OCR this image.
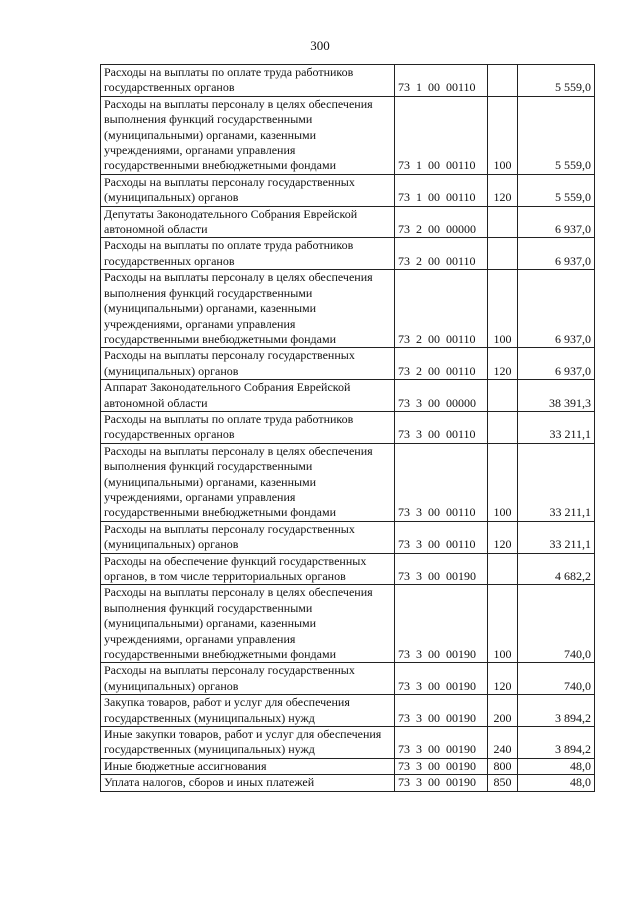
300
Расходы на выплаты по оплате труда работников государственных органов	73  1  00  00110		5 559,0
Расходы на выплаты персоналу в целях обеспечения выполнения функций государственными (муниципальными) органами, казенными учреждениями, органами управления государственными внебюджетными фондами	73  1  00  00110	100	5 559,0
Расходы на выплаты персоналу государственных (муниципальных) органов	73  1  00  00110	120	5 559,0
Депутаты Законодательного Собрания Еврейской автономной области	73  2  00  00000		6 937,0
Расходы на выплаты по оплате труда работников государственных органов	73  2  00  00110		6 937,0
Расходы на выплаты персоналу в целях обеспечения выполнения функций государственными (муниципальными) органами, казенными учреждениями, органами управления государственными внебюджетными фондами	73  2  00  00110	100	6 937,0
Расходы на выплаты персоналу государственных (муниципальных) органов	73  2  00  00110	120	6 937,0
Аппарат Законодательного Собрания Еврейской автономной области	73  3  00  00000		38 391,3
Расходы на выплаты по оплате труда работников государственных органов	73  3  00  00110		33 211,1
Расходы на выплаты персоналу в целях обеспечения выполнения функций государственными (муниципальными) органами, казенными учреждениями, органами управления государственными внебюджетными фондами	73  3  00  00110	100	33 211,1
Расходы на выплаты персоналу государственных (муниципальных) органов	73  3  00  00110	120	33 211,1
Расходы на обеспечение функций государственных органов, в том числе территориальных органов	73  3  00  00190		4 682,2
Расходы на выплаты персоналу в целях обеспечения выполнения функций государственными (муниципальными) органами, казенными учреждениями, органами управления государственными внебюджетными фондами	73  3  00  00190	100	740,0
Расходы на выплаты персоналу государственных (муниципальных) органов	73  3  00  00190	120	740,0
Закупка товаров, работ и услуг для обеспечения государственных (муниципальных) нужд	73  3  00  00190	200	3 894,2
Иные закупки товаров, работ и услуг для обеспечения государственных (муниципальных) нужд	73  3  00  00190	240	3 894,2
Иные бюджетные ассигнования	73  3  00  00190	800	48,0
Уплата налогов, сборов и иных платежей	73  3  00  00190	850	48,0
